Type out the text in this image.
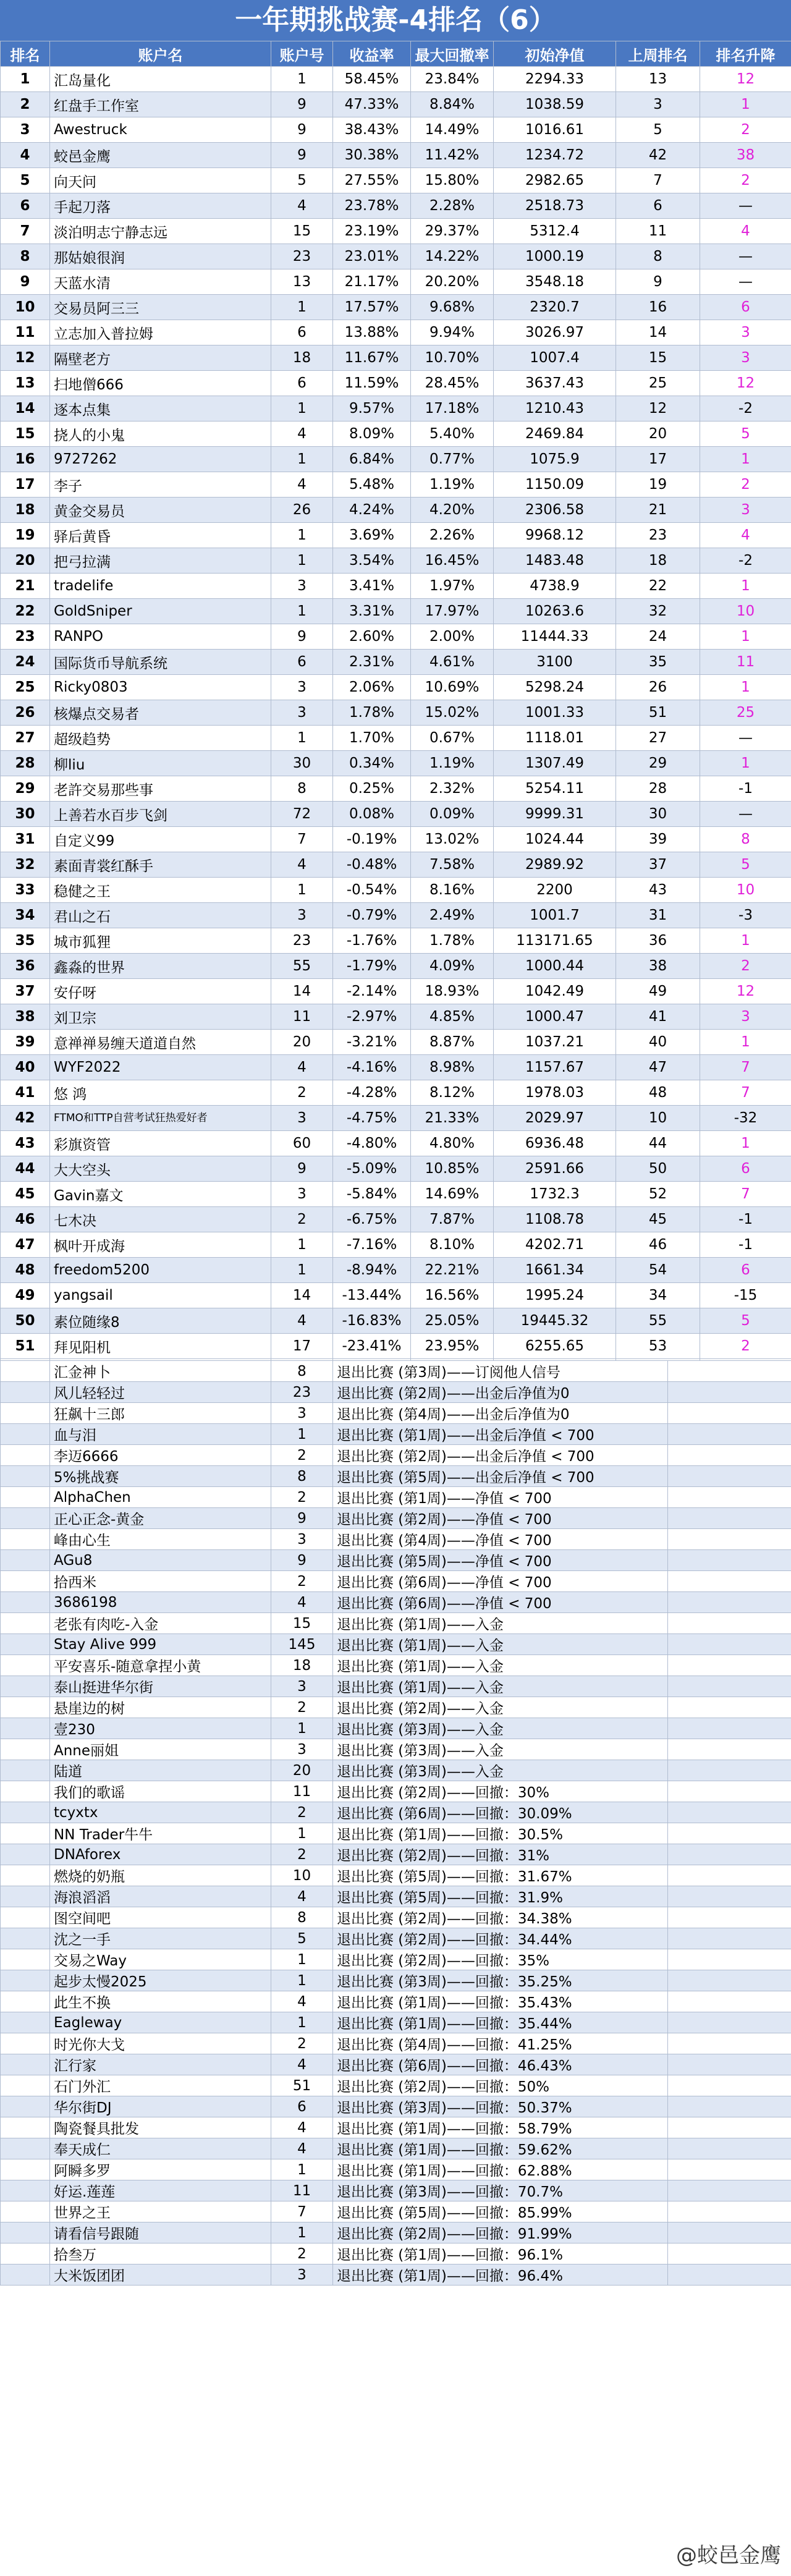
一年期挑战赛-4排名（6）
排名	账户名	账户号	收益率	最大回撤率	初始净值	上周排名	排名升降
1	汇岛量化	1	58.45%	23.84%	2294.33	13	12
2	红盘手工作室	9	47.33%	8.84%	1038.59	3	1
3	Awestruck	9	38.43%	14.49%	1016.61	5	2
4	蛟邑金鹰	9	30.38%	11.42%	1234.72	42	38
5	向天问	5	27.55%	15.80%	2982.65	7	2
6	手起刀落	4	23.78%	2.28%	2518.73	6	—
7	淡泊明志宁静志远	15	23.19%	29.37%	5312.4	11	4
8	那姑娘很润	23	23.01%	14.22%	1000.19	8	—
9	天蓝水清	13	21.17%	20.20%	3548.18	9	—
10	交易员阿三三	1	17.57%	9.68%	2320.7	16	6
11	立志加入普拉姆	6	13.88%	9.94%	3026.97	14	3
12	隔壁老方	18	11.67%	10.70%	1007.4	15	3
13	扫地僧666	6	11.59%	28.45%	3637.43	25	12
14	逐本点集	1	9.57%	17.18%	1210.43	12	-2
15	挠人的小鬼	4	8.09%	5.40%	2469.84	20	5
16	9727262	1	6.84%	0.77%	1075.9	17	1
17	李子	4	5.48%	1.19%	1150.09	19	2
18	黄金交易员	26	4.24%	4.20%	2306.58	21	3
19	驿后黄昏	1	3.69%	2.26%	9968.12	23	4
20	把弓拉满	1	3.54%	16.45%	1483.48	18	-2
21	tradelife	3	3.41%	1.97%	4738.9	22	1
22	GoldSniper	1	3.31%	17.97%	10263.6	32	10
23	RANPO	9	2.60%	2.00%	11444.33	24	1
24	国际货币导航系统	6	2.31%	4.61%	3100	35	11
25	Ricky0803	3	2.06%	10.69%	5298.24	26	1
26	核爆点交易者	3	1.78%	15.02%	1001.33	51	25
27	超级趋势	1	1.70%	0.67%	1118.01	27	—
28	柳liu	30	0.34%	1.19%	1307.49	29	1
29	老許交易那些事	8	0.25%	2.32%	5254.11	28	-1
30	上善若水百步飞剑	72	0.08%	0.09%	9999.31	30	—
31	自定义99	7	-0.19%	13.02%	1024.44	39	8
32	素面青裳红酥手	4	-0.48%	7.58%	2989.92	37	5
33	稳健之王	1	-0.54%	8.16%	2200	43	10
34	君山之石	3	-0.79%	2.49%	1001.7	31	-3
35	城市狐狸	23	-1.76%	1.78%	113171.65	36	1
36	鑫淼的世界	55	-1.79%	4.09%	1000.44	38	2
37	安仔呀	14	-2.14%	18.93%	1042.49	49	12
38	刘卫宗	11	-2.97%	4.85%	1000.47	41	3
39	意禅禅易缠天道道自然	20	-3.21%	8.87%	1037.21	40	1
40	WYF2022	4	-4.16%	8.98%	1157.67	47	7
41	悠 鸿	2	-4.28%	8.12%	1978.03	48	7
42	FTMO和TTP自营考试狂热爱好者	3	-4.75%	21.33%	2029.97	10	-32
43	彩旗资管	60	-4.80%	4.80%	6936.48	44	1
44	大大空头	9	-5.09%	10.85%	2591.66	50	6
45	Gavin嘉文	3	-5.84%	14.69%	1732.3	52	7
46	七木决	2	-6.75%	7.87%	1108.78	45	-1
47	枫叶开成海	1	-7.16%	8.10%	4202.71	46	-1
48	freedom5200	1	-8.94%	22.21%	1661.34	54	6
49	yangsail	14	-13.44%	16.56%	1995.24	34	-15
50	素位随缘8	4	-16.83%	25.05%	19445.32	55	5
51	拜见阳机	17	-23.41%	23.95%	6255.65	53	2

	汇金神卜	8	退出比赛 (第3周)——订阅他人信号	
	风儿轻轻过	23	退出比赛 (第2周)——出金后净值为0	
	狂飙十三郎	3	退出比赛 (第4周)——出金后净值为0	
	血与泪	1	退出比赛 (第1周)——出金后净值 < 700	
	李迈6666	2	退出比赛 (第2周)——出金后净值 < 700	
	5%挑战赛	8	退出比赛 (第5周)——出金后净值 < 700	
	AlphaChen	2	退出比赛 (第1周)——净值 < 700	
	正心正念-黄金	9	退出比赛 (第2周)——净值 < 700	
	峰由心生	3	退出比赛 (第4周)——净值 < 700	
	AGu8	9	退出比赛 (第5周)——净值 < 700	
	拾西米	2	退出比赛 (第6周)——净值 < 700	
	3686198	4	退出比赛 (第6周)——净值 < 700	
	老张有肉吃-入金	15	退出比赛 (第1周)——入金	
	Stay Alive 999	145	退出比赛 (第1周)——入金	
	平安喜乐-随意拿捏小黄	18	退出比赛 (第1周)——入金	
	泰山挺进华尔街	3	退出比赛 (第1周)——入金	
	悬崖边的树	2	退出比赛 (第2周)——入金	
	壹230	1	退出比赛 (第3周)——入金	
	Anne丽姐	3	退出比赛 (第3周)——入金	
	陆道	20	退出比赛 (第3周)——入金	
	我们的歌谣	11	退出比赛 (第2周)——回撤：30%	
	tcyxtx	2	退出比赛 (第6周)——回撤：30.09%	
	NN Trader牛牛	1	退出比赛 (第1周)——回撤：30.5%	
	DNAforex	2	退出比赛 (第2周)——回撤：31%	
	燃烧的奶瓶	10	退出比赛 (第5周)——回撤：31.67%	
	海浪滔滔	4	退出比赛 (第5周)——回撤：31.9%	
	图空间吧	8	退出比赛 (第2周)——回撤：34.38%	
	沈之一手	5	退出比赛 (第2周)——回撤：34.44%	
	交易之Way	1	退出比赛 (第2周)——回撤：35%	
	起步太慢2025	1	退出比赛 (第3周)——回撤：35.25%	
	此生不换	4	退出比赛 (第1周)——回撤：35.43%	
	Eagleway	1	退出比赛 (第1周)——回撤：35.44%	
	时光你大戈	2	退出比赛 (第4周)——回撤：41.25%	
	汇行家	4	退出比赛 (第6周)——回撤：46.43%	
	石门外汇	51	退出比赛 (第2周)——回撤：50%	
	华尔街DJ	6	退出比赛 (第3周)——回撤：50.37%	
	陶瓷餐具批发	4	退出比赛 (第1周)——回撤：58.79%	
	奉天成仁	4	退出比赛 (第1周)——回撤：59.62%	
	阿瞬多罗	1	退出比赛 (第1周)——回撤：62.88%	
	好运.莲莲	11	退出比赛 (第3周)——回撤：70.7%	
	世界之王	7	退出比赛 (第5周)——回撤：85.99%	
	请看信号跟随	1	退出比赛 (第2周)——回撤：91.99%	
	拾叁万	2	退出比赛 (第1周)——回撤：96.1%	
	大米饭团团	3	退出比赛 (第1周)——回撤：96.4%	
@蛟邑金鹰
